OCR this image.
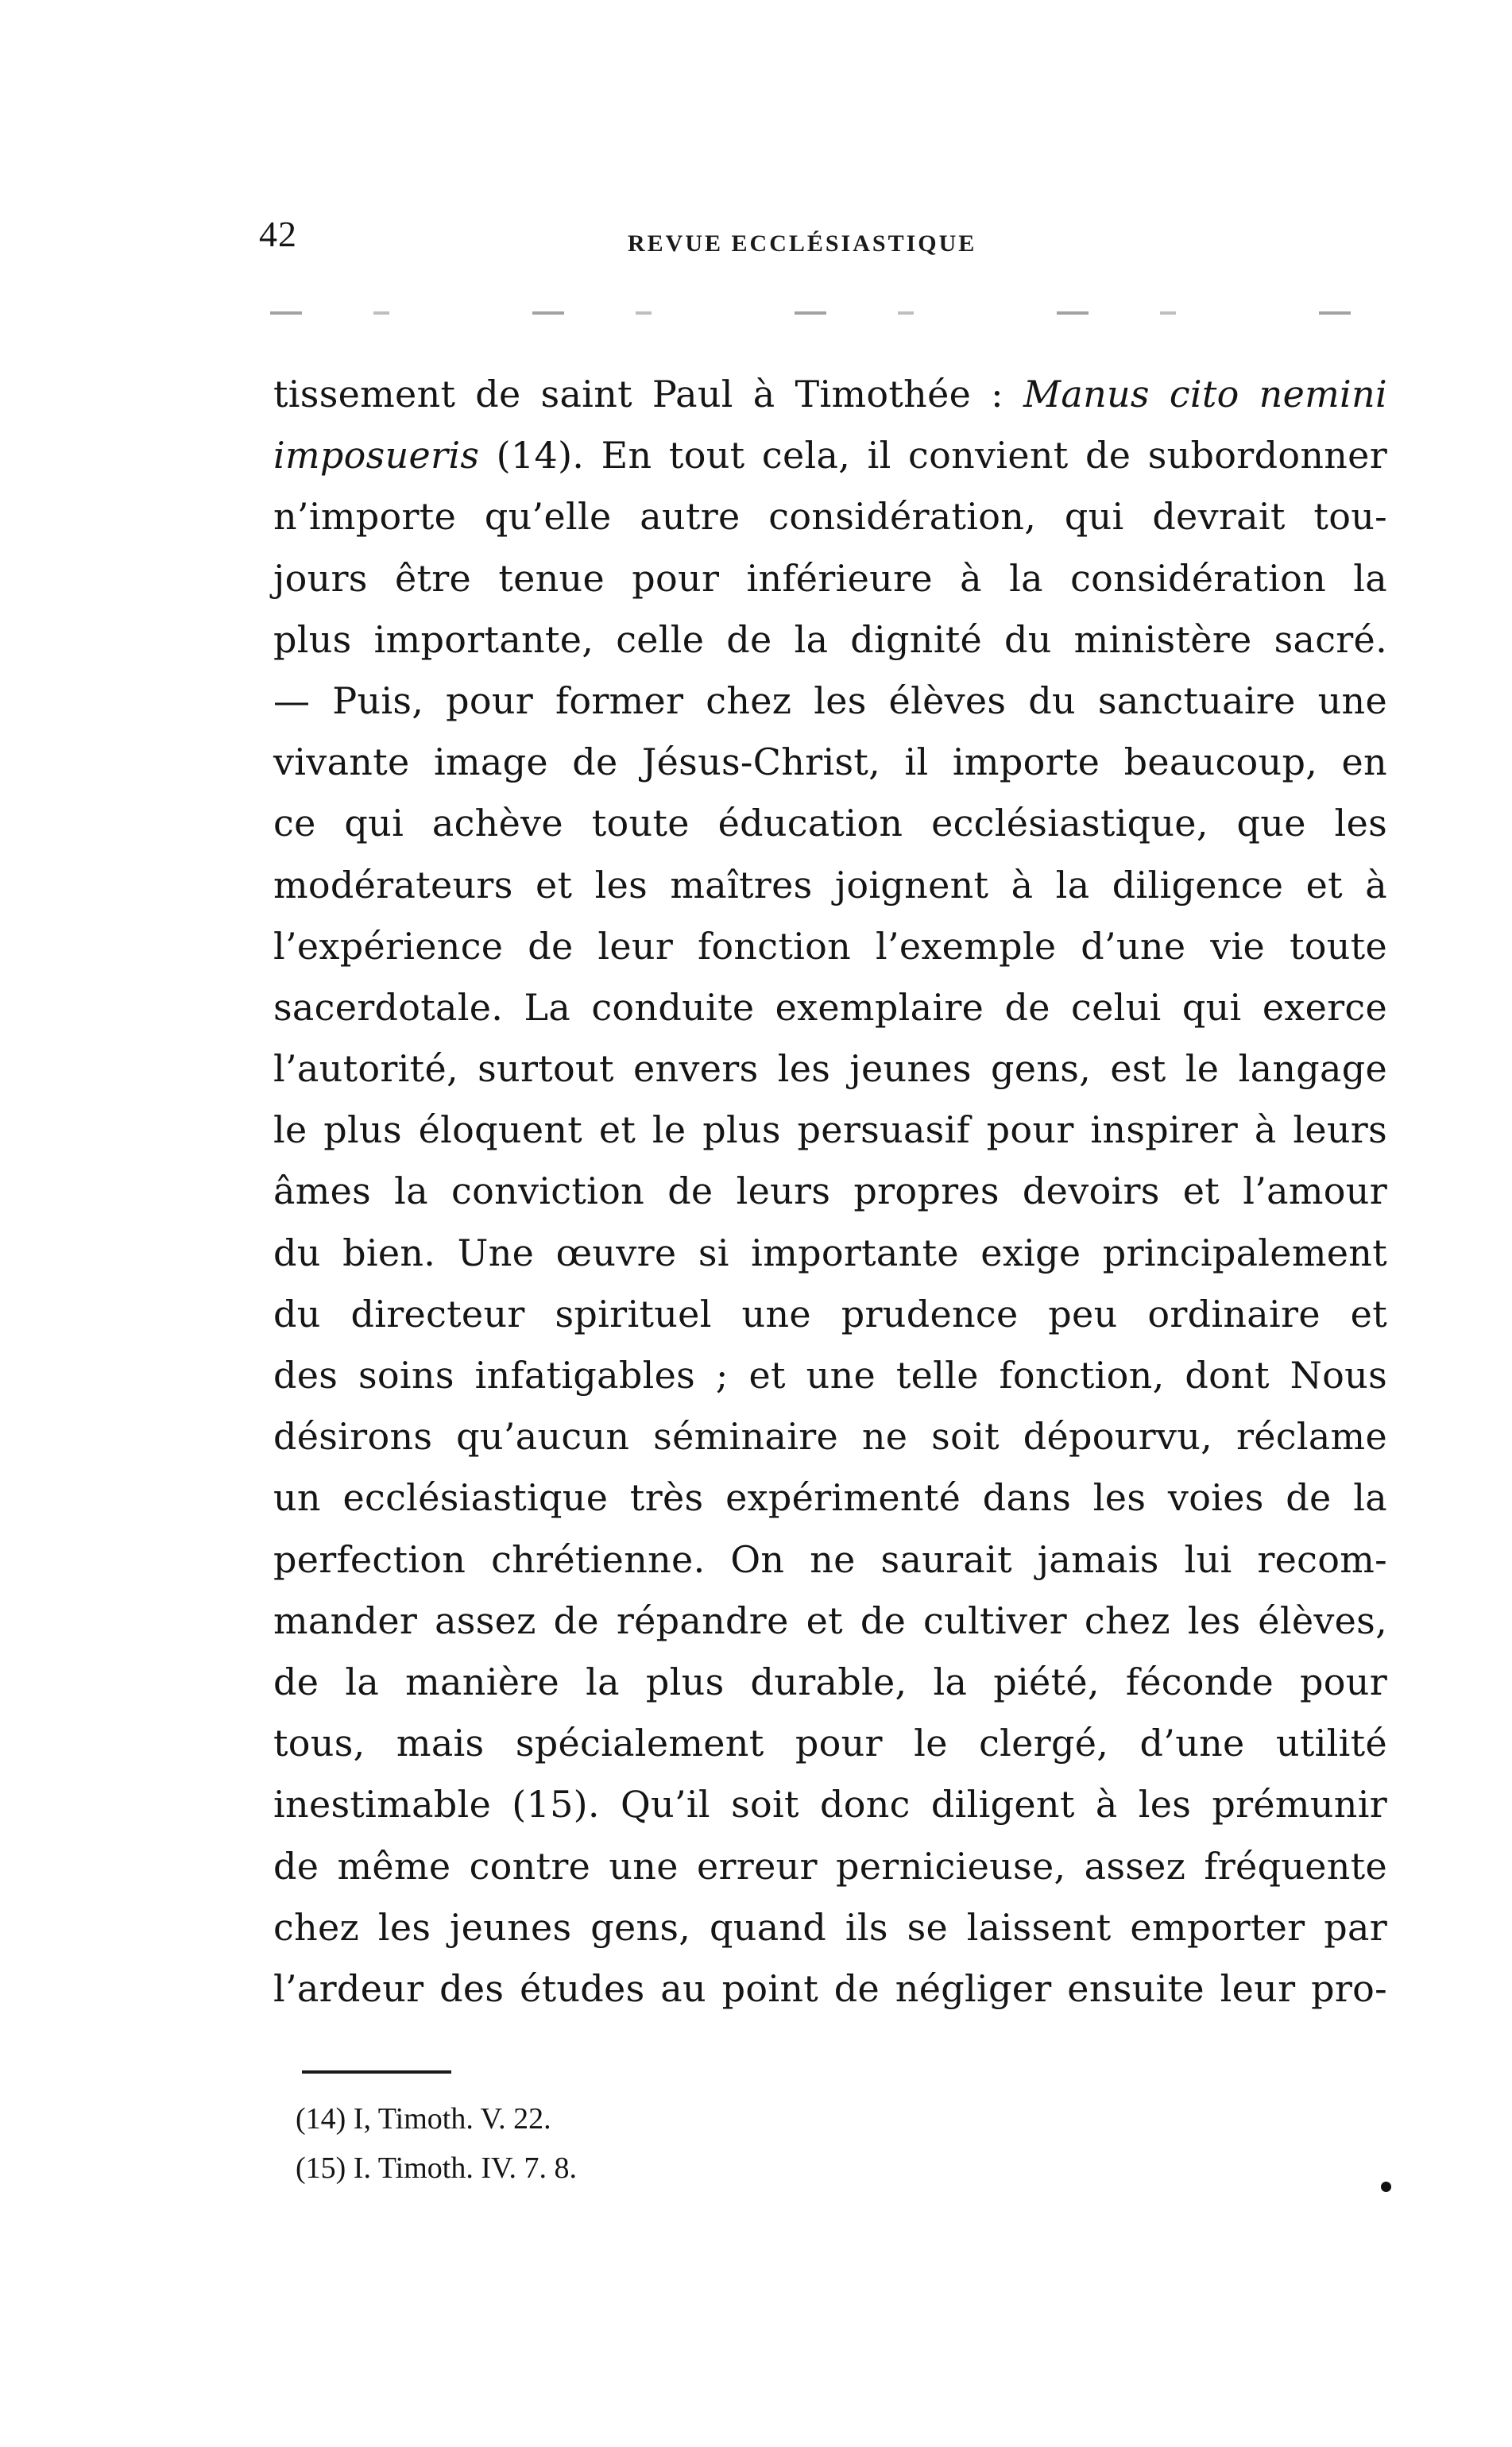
42	REVUE ECCLÉSIASTIQUE
tissement de saint Paul à Timothée : Manus cito nemini
imposueris (14). En tout cela, il convient de subordonner
n’importe qu’elle autre considération, qui devrait tou-
jours être tenue pour inférieure à la considération la
plus importante, celle de la dignité du ministère sacré.
— Puis, pour former chez les élèves du sanctuaire une
vivante image de Jésus-Christ, il importe beaucoup, en
ce qui achève toute éducation ecclésiastique, que les
modérateurs et les maîtres joignent à la diligence et à
l’expérience de leur fonction l’exemple d’une vie toute
sacerdotale. La conduite exemplaire de celui qui exerce
l’autorité, surtout envers les jeunes gens, est le langage
le plus éloquent et le plus persuasif pour inspirer à leurs
âmes la conviction de leurs propres devoirs et l’amour
du bien. Une œuvre si importante exige principalement
du directeur spirituel une prudence peu ordinaire et
des soins infatigables ; et une telle fonction, dont Nous
désirons qu’aucun séminaire ne soit dépourvu, réclame
un ecclésiastique très expérimenté dans les voies de la
perfection chrétienne. On ne saurait jamais lui recom-
mander assez de répandre et de cultiver chez les élèves,
de la manière la plus durable, la piété, féconde pour
tous, mais spécialement pour le clergé, d’une utilité
inestimable (15). Qu’il soit donc diligent à les prémunir
de même contre une erreur pernicieuse, assez fréquente
chez les jeunes gens, quand ils se laissent emporter par
l’ardeur des études au point de négliger ensuite leur pro-
(14) I, Timoth. V. 22.
(15) I. Timoth. IV. 7. 8.
